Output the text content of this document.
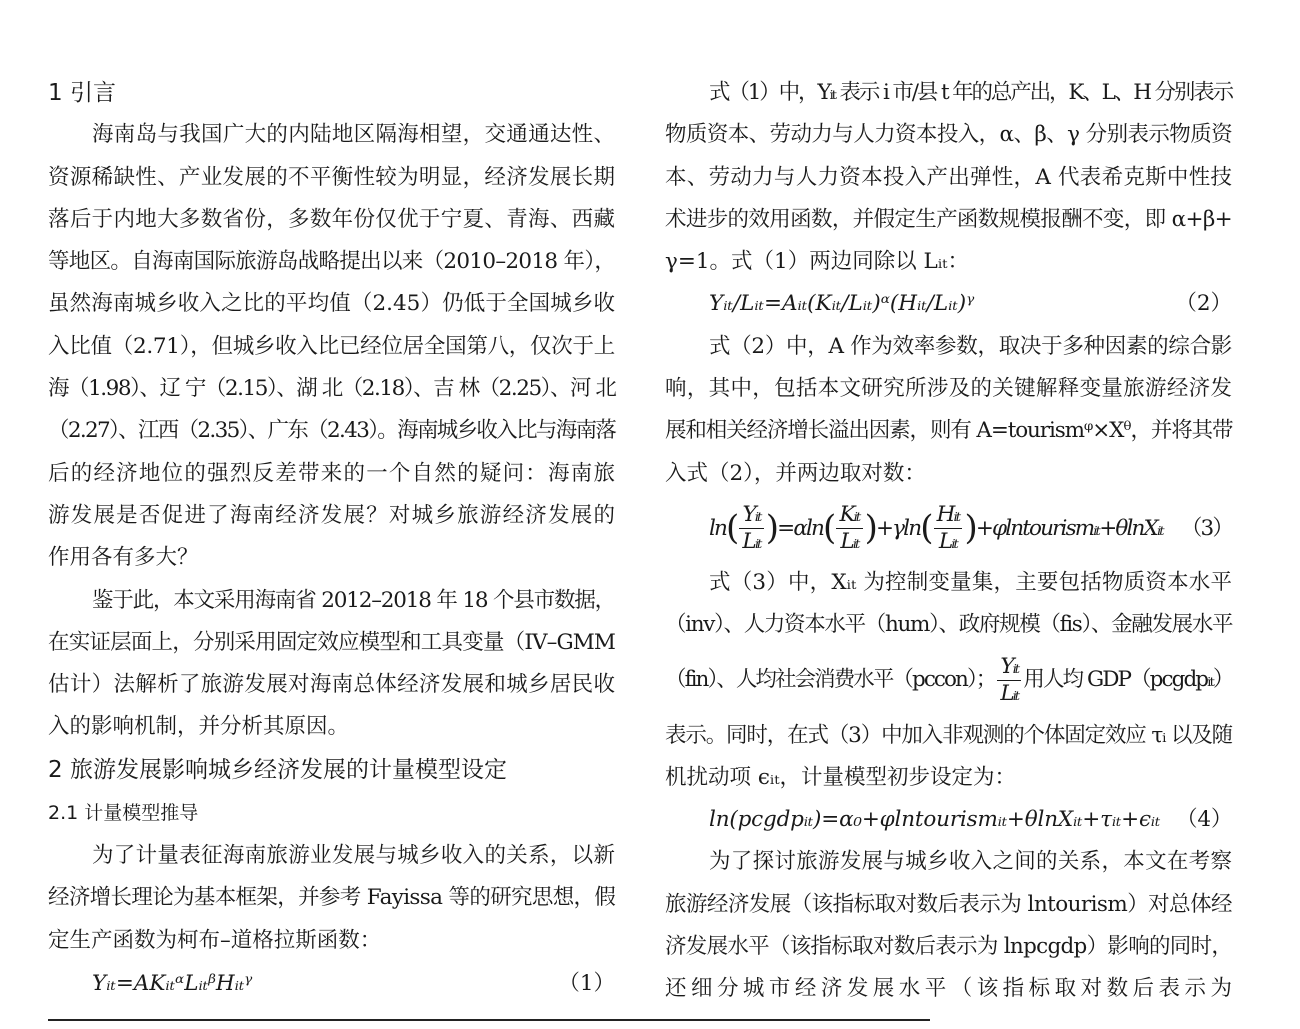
1 引言
海南岛与我国广大的内陆地区隔海相望，交通通达性、
资源稀缺性、产业发展的不平衡性较为明显，经济发展长期
落后于内地大多数省份，多数年份仅优于宁夏、青海、西藏
等地区。自海南国际旅游岛战略提出以来（2010–2018 年），
虽然海南城乡收入之比的平均值（2.45）仍低于全国城乡收
入比值（2.71），但城乡收入比已经位居全国第八，仅次于上
海（1.98）、辽 宁（2.15）、湖 北（2.18）、吉 林（2.25）、河 北
（2.27）、江西（2.35）、广东（2.43）。海南城乡收入比与海南落
后的经济地位的强烈反差带来的一个自然的疑问：海南旅
游发展是否促进了海南经济发展？对城乡旅游经济发展的
作用各有多大？
鉴于此，本文采用海南省 2012–2018 年 18 个县市数据，
在实证层面上，分别采用固定效应模型和工具变量（IV–GMM
估计）法解析了旅游发展对海南总体经济发展和城乡居民收
入的影响机制，并分析其原因。
2 旅游发展影响城乡经济发展的计量模型设定
2.1 计量模型推导
为了计量表征海南旅游业发展与城乡收入的关系，以新
经济增长理论为基本框架，并参考 Fayissa 等的研究思想，假
定生产函数为柯布–道格拉斯函数：
Yᵢₜ=AKᵢₜᵅLᵢₜᵝHᵢₜᵞ	（1）
式（1）中，Yᵢₜ 表示 i 市/县 t 年的总产出，K、L、H 分别表示
物质资本、劳动力与人力资本投入，α、β、γ 分别表示物质资
本、劳动力与人力资本投入产出弹性，A 代表希克斯中性技
术进步的效用函数，并假定生产函数规模报酬不变，即 α+β+
γ=1。式（1）两边同除以 Lᵢₜ：
Yᵢₜ/Lᵢₜ=Aᵢₜ(Kᵢₜ/Lᵢₜ)ᵅ(Hᵢₜ/Lᵢₜ)ᵞ	（2）
式（2）中，A 作为效率参数，取决于多种因素的综合影
响，其中，包括本文研究所涉及的关键解释变量旅游经济发
展和相关经济增长溢出因素，则有 A=tourismᵠ×Xᶿ，并将其带
入式（2），并两边取对数：
ln ( $\frac{\text{Yᵢₜ}}{\text{Lᵢₜ}}$ ) =αln ( $\frac{\text{Kᵢₜ}}{\text{Lᵢₜ}}$ ) +γln ( $\frac{\text{Hᵢₜ}}{\text{Lᵢₜ}}$ ) +φlntourismᵢₜ+θlnXᵢₜ （3）
式（3）中，Xᵢₜ 为控制变量集，主要包括物质资本水平
（inv）、人力资本水平（hum）、政府规模（fis）、金融发展水平
（fin）、人均社会消费水平（pccon）； $\frac{\text{Yᵢₜ}}{\text{Lᵢₜ}}$ 用人均 GDP（pcgdpᵢₜ）
表示。同时，在式（3）中加入非观测的个体固定效应 τᵢ 以及随
机扰动项 ϵᵢₜ，计量模型初步设定为：
ln(pcgdpᵢₜ)=α₀+φlntourismᵢₜ+θlnXᵢₜ+τᵢₜ+ϵᵢₜ （4）
为了探讨旅游发展与城乡收入之间的关系，本文在考察
旅游经济发展（该指标取对数后表示为 lntourism）对总体经
济发展水平（该指标取对数后表示为 lnpcgdp）影响的同时，
还细分城市经济发展水平（该指标取对数后表示为
